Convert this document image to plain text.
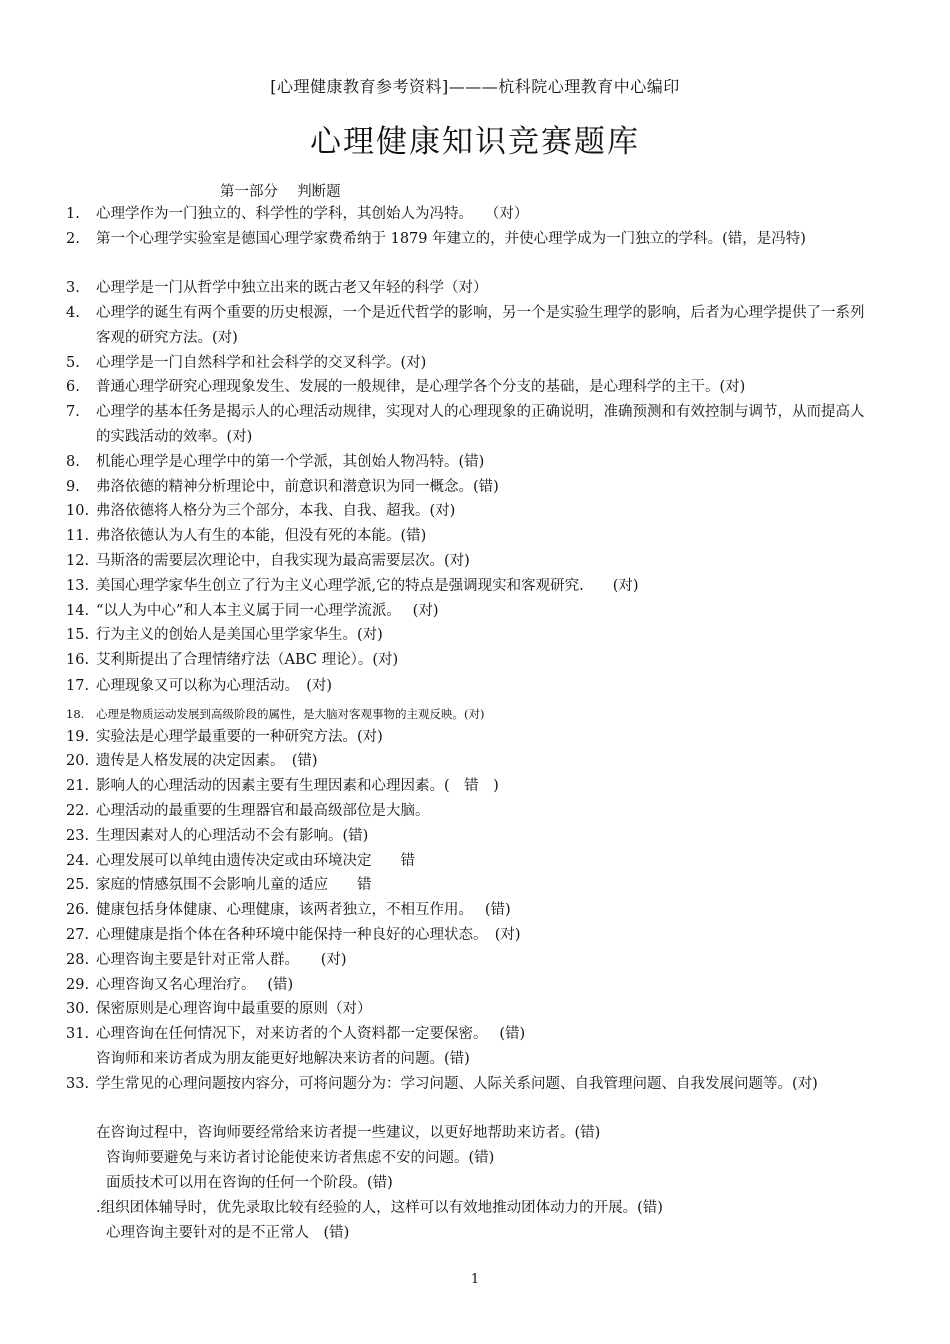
[心理健康教育参考资料]———杭科院心理教育中心编印
心理健康知识竞赛题库
第一部分　 判断题
1.	心理学作为一门独立的、科学性的学科，其创始人为冯特。　 （对）
2.	第一个心理学实验室是德国心理学家费希纳于 1879 年建立的，并使心理学成为一门独立的学科。(错，是冯特)
3.	心理学是一门从哲学中独立出来的既古老又年轻的科学（对）
4.	心理学的诞生有两个重要的历史根源，一个是近代哲学的影响，另一个是实验生理学的影响，后者为心理学提供了一系列客观的研究方法。(对)
5.	心理学是一门自然科学和社会科学的交叉科学。(对)
6.	普通心理学研究心理现象发生、发展的一般规律，是心理学各个分支的基础，是心理科学的主干。(对)
7.	心理学的基本任务是揭示人的心理活动规律，实现对人的心理现象的正确说明，准确预测和有效控制与调节，从而提高人的实践活动的效率。(对)
8.	机能心理学是心理学中的第一个学派，其创始人物冯特。(错)
9.	弗洛依德的精神分析理论中，前意识和潜意识为同一概念。(错)
10. 弗洛依德将人格分为三个部分，本我、自我、超我。(对)
11. 弗洛依德认为人有生的本能，但没有死的本能。(错)
12. 马斯洛的需要层次理论中，自我实现为最高需要层次。(对)
13. 美国心理学家华生创立了行为主义心理学派,它的特点是强调现实和客观研究.　　(对)
14. “以人为中心”和人本主义属于同一心理学流派。　 (对)
15. 行为主义的创始人是美国心里学家华生。(对)
16. 艾利斯提出了合理情绪疗法（ABC 理论）。(对)
17. 心理现象又可以称为心理活动。　(对)
18.	心理是物质运动发展到高级阶段的属性，是大脑对客观事物的主观反映。(对)
19. 实验法是心理学最重要的一种研究方法。(对)
20. 遗传是人格发展的决定因素。　(错)
21. 影响人的心理活动的因素主要有生理因素和心理因素。(　错　)
22. 心理活动的最重要的生理器官和最高级部位是大脑。
23. 生理因素对人的心理活动不会有影响。(错)
24. 心理发展可以单纯由遗传决定或由环境决定　　错
25. 家庭的情感氛围不会影响儿童的适应　　错
26. 健康包括身体健康、心理健康，该两者独立，不相互作用。　 (错)
27. 心理健康是指个体在各种环境中能保持一种良好的心理状态。　(对)
28. 心理咨询主要是针对正常人群。　　(对)
29. 心理咨询又名心理治疗。　 (错)
30. 保密原则是心理咨询中最重要的原则（对）
31. 心理咨询在任何情况下，对来访者的个人资料都一定要保密。　 (错)
咨询师和来访者成为朋友能更好地解决来访者的问题。(错)
33. 学生常见的心理问题按内容分，可将问题分为：学习问题、人际关系问题、自我管理问题、自我发展问题等。(对)
在咨询过程中，咨询师要经常给来访者提一些建议，以更好地帮助来访者。(错)
咨询师要避免与来访者讨论能使来访者焦虑不安的问题。(错)
面质技术可以用在咨询的任何一个阶段。(错)
.组织团体辅导时，优先录取比较有经验的人，这样可以有效地推动团体动力的开展。(错)
心理咨询主要针对的是不正常人　(错)
1
